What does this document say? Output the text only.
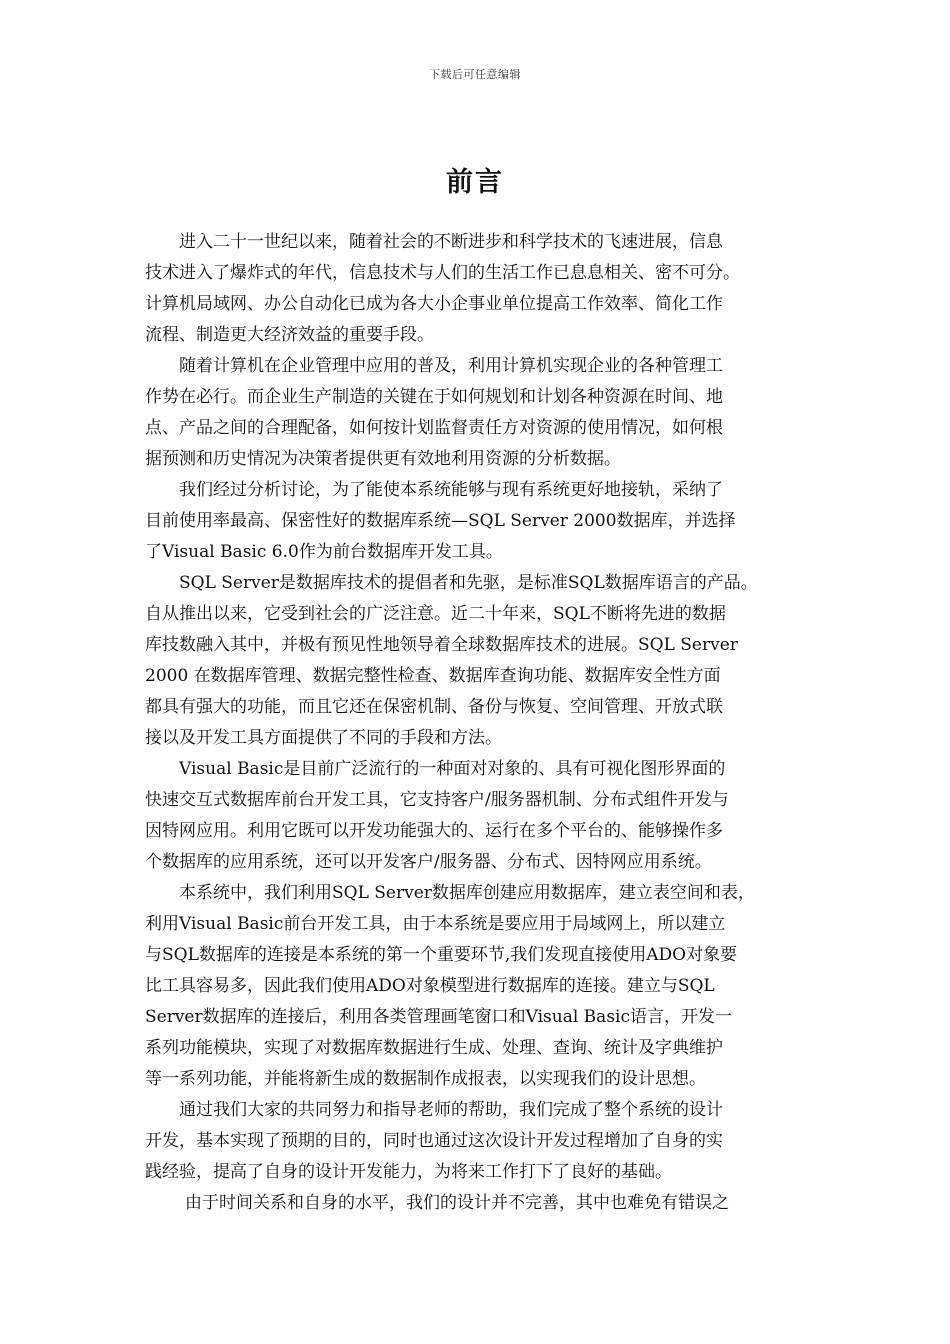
下载后可任意编辑
前言
进入二十一世纪以来，随着社会的不断进步和科学技术的飞速进展，信息
技术进入了爆炸式的年代，信息技术与人们的生活工作已息息相关、密不可分。
计算机局域网、办公自动化已成为各大小企事业单位提高工作效率、简化工作
流程、制造更大经济效益的重要手段。
随着计算机在企业管理中应用的普及，利用计算机实现企业的各种管理工
作势在必行。而企业生产制造的关键在于如何规划和计划各种资源在时间、地
点、产品之间的合理配备，如何按计划监督责任方对资源的使用情况，如何根
据预测和历史情况为决策者提供更有效地利用资源的分析数据。
我们经过分析讨论，为了能使本系统能够与现有系统更好地接轨，采纳了
目前使用率最高、保密性好的数据库系统—SQL Server 2000数据库，并选择
了Visual Basic 6.0作为前台数据库开发工具。
SQL Server是数据库技术的提倡者和先驱，是标准SQL数据库语言的产品。
自从推出以来，它受到社会的广泛注意。近二十年来，SQL不断将先进的数据
库技数融入其中，并极有预见性地领导着全球数据库技术的进展。SQL Server
2000 在数据库管理、数据完整性检查、数据库查询功能、数据库安全性方面
都具有强大的功能，而且它还在保密机制、备份与恢复、空间管理、开放式联
接以及开发工具方面提供了不同的手段和方法。
Visual Basic是目前广泛流行的一种面对对象的、具有可视化图形界面的
快速交互式数据库前台开发工具，它支持客户/服务器机制、分布式组件开发与
因特网应用。利用它既可以开发功能强大的、运行在多个平台的、能够操作多
个数据库的应用系统，还可以开发客户/服务器、分布式、因特网应用系统。
本系统中，我们利用SQL Server数据库创建应用数据库，建立表空间和表，
利用Visual Basic前台开发工具，由于本系统是要应用于局域网上，所以建立
与SQL数据库的连接是本系统的第一个重要环节,我们发现直接使用ADO对象要
比工具容易多，因此我们使用ADO对象模型进行数据库的连接。建立与SQL
Server数据库的连接后，利用各类管理画笔窗口和Visual Basic语言，开发一
系列功能模块，实现了对数据库数据进行生成、处理、查询、统计及字典维护
等一系列功能，并能将新生成的数据制作成报表，以实现我们的设计思想。
通过我们大家的共同努力和指导老师的帮助，我们完成了整个系统的设计
开发，基本实现了预期的目的，同时也通过这次设计开发过程增加了自身的实
践经验，提高了自身的设计开发能力，为将来工作打下了良好的基础。
由于时间关系和自身的水平，我们的设计并不完善，其中也难免有错误之
